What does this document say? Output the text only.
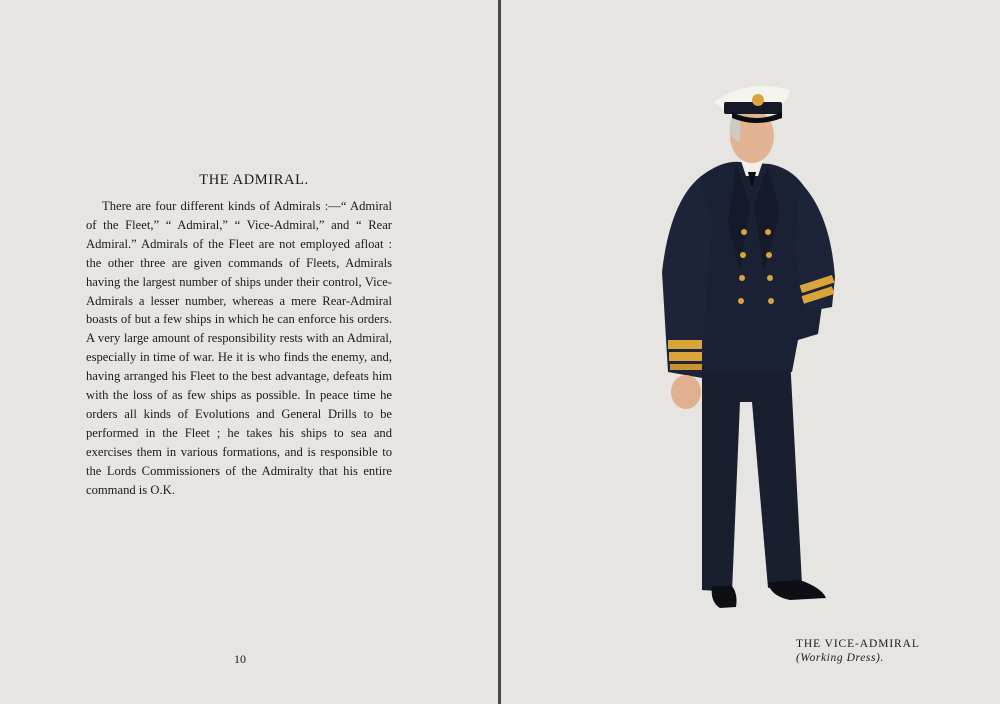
THE ADMIRAL.
There are four different kinds of Admirals :—“ Admiral of the Fleet,” “ Admiral,” “ Vice-Admiral,” and “ Rear Admiral.” Admirals of the Fleet are not employed afloat : the other three are given commands of Fleets, Admirals having the largest number of ships under their control, Vice-Admirals a lesser number, whereas a mere Rear-Admiral boasts of but a few ships in which he can enforce his orders. A very large amount of responsibility rests with an Admiral, especially in time of war. He it is who finds the enemy, and, having arranged his Fleet to the best advantage, defeats him with the loss of as few ships as possible. In peace time he orders all kinds of Evolutions and General Drills to be performed in the Fleet ; he takes his ships to sea and exercises them in various formations, and is responsible to the Lords Commissioners of the Admiralty that his entire command is O.K.
10
THE VICE-ADMIRAL
(Working Dress).
